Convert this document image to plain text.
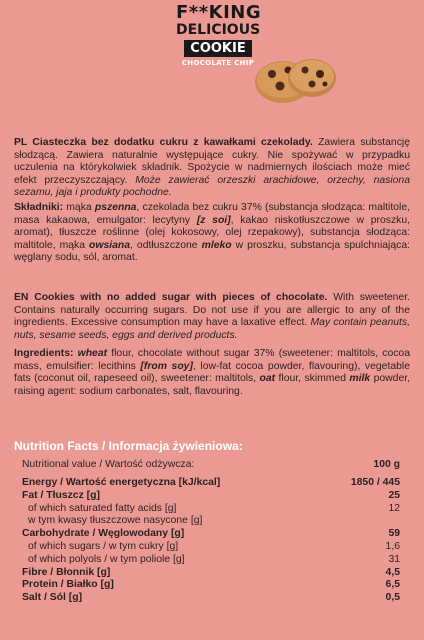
F**KING
DELICIOUS
COOKIE
CHOCOLATE CHIP
PL Ciasteczka bez dodatku cukru z kawałkami czekolady. Zawiera substancję słodzącą. Zawiera naturalnie występujące cukry. Nie spożywać w przypadku uczulenia na którykolwiek składnik. Spożycie w nadmiernych ilościach może mieć efekt przeczyszczający. Może zawierać orzeszki arachidowe, orzechy, nasiona sezamu, jaja i produkty pochodne.
Składniki: mąka pszenna, czekolada bez cukru 37% (substancja słodząca: maltitole, masa kakaowa, emulgator: lecytyny [z soi], kakao niskotłuszczowe w proszku, aromat), tłuszcze roślinne (olej kokosowy, olej rzepakowy), substancja słodząca: maltitole, mąka owsiana, odtłuszczone mleko w proszku, substancja spulchniająca: węglany sodu, sól, aromat.
EN Cookies with no added sugar with pieces of chocolate. With sweetener. Contains naturally occurring sugars. Do not use if you are allergic to any of the ingredients. Excessive consumption may have a laxative effect. May contain peanuts, nuts, sesame seeds, eggs and derived products.
Ingredients: wheat flour, chocolate without sugar 37% (sweetener: maltitols, cocoa mass, emulsifier: lecithins [from soy], low-fat cocoa powder, flavouring), vegetable fats (coconut oil, rapeseed oil), sweetener: maltitols, oat flour, skimmed milk powder, raising agent: sodium carbonates, salt, flavouring.
Nutrition Facts / Informacja żywieniowa:
Nutritional value / Wartość odżywcza:	100 g
Energy / Wartość energetyczna [kJ/kcal]	1850 / 445
Fat / Tłuszcz [g]	25
of which saturated fatty acids [g]	12
w tym kwasy tłuszczowe nasycone [g]	
Carbohydrate / Węglowodany [g]	59
of which sugars / w tym cukry [g]	1,6
of which polyols / w tym poliole [g]	31
Fibre / Błonnik [g]	4,5
Protein / Białko [g]	6,5
Salt / Sól [g]	0,5
